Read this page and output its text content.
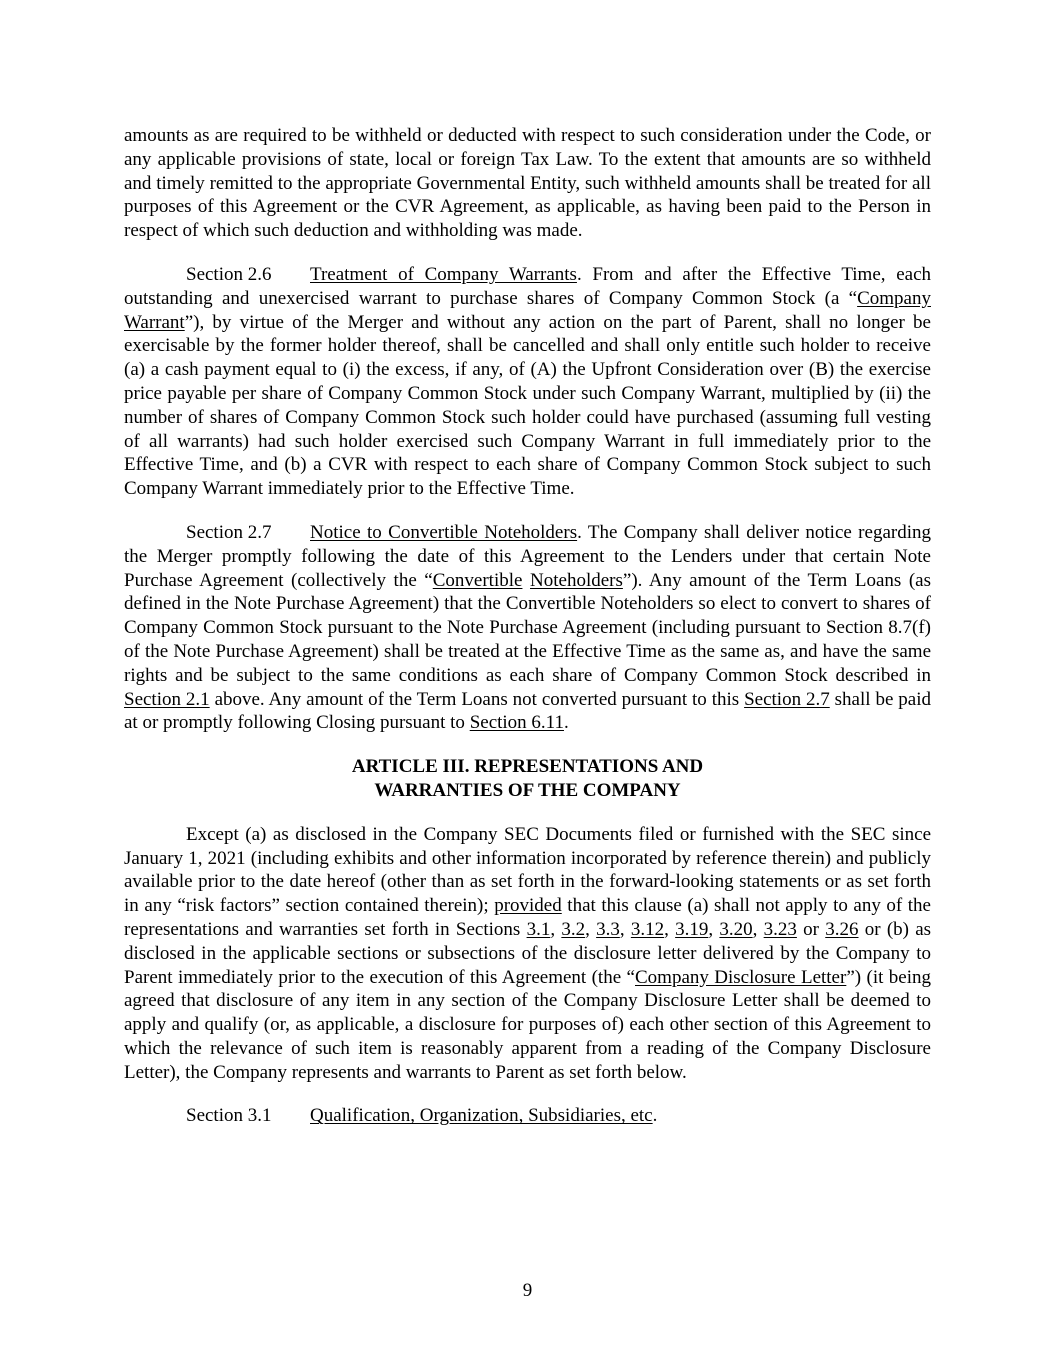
amounts as are required to be withheld or deducted with respect to such consideration under the Code, or any applicable provisions of state, local or foreign Tax Law. To the extent that amounts are so withheld and timely remitted to the appropriate Governmental Entity, such withheld amounts shall be treated for all purposes of this Agreement or the CVR Agreement, as applicable, as having been paid to the Person in respect of which such deduction and withholding was made.

Section 2.6 Treatment of Company Warrants. From and after the Effective Time, each outstanding and unexercised warrant to purchase shares of Company Common Stock (a “Company Warrant”), by virtue of the Merger and without any action on the part of Parent, shall no longer be exercisable by the former holder thereof, shall be cancelled and shall only entitle such holder to receive (a) a cash payment equal to (i) the excess, if any, of (A) the Upfront Consideration over (B) the exercise price payable per share of Company Common Stock under such Company Warrant, multiplied by (ii) the number of shares of Company Common Stock such holder could have purchased (assuming full vesting of all warrants) had such holder exercised such Company Warrant in full immediately prior to the Effective Time, and (b) a CVR with respect to each share of Company Common Stock subject to such Company Warrant immediately prior to the Effective Time.

Section 2.7 Notice to Convertible Noteholders. The Company shall deliver notice regarding the Merger promptly following the date of this Agreement to the Lenders under that certain Note Purchase Agreement (collectively the “Convertible Noteholders”). Any amount of the Term Loans (as defined in the Note Purchase Agreement) that the Convertible Noteholders so elect to convert to shares of Company Common Stock pursuant to the Note Purchase Agreement (including pursuant to Section 8.7(f) of the Note Purchase Agreement) shall be treated at the Effective Time as the same as, and have the same rights and be subject to the same conditions as each share of Company Common Stock described in Section 2.1 above. Any amount of the Term Loans not converted pursuant to this Section 2.7 shall be paid at or promptly following Closing pursuant to Section 6.11.

ARTICLE III. REPRESENTATIONS AND
WARRANTIES OF THE COMPANY

Except (a) as disclosed in the Company SEC Documents filed or furnished with the SEC since January 1, 2021 (including exhibits and other information incorporated by reference therein) and publicly available prior to the date hereof (other than as set forth in the forward-looking statements or as set forth in any “risk factors” section contained therein); provided that this clause (a) shall not apply to any of the representations and warranties set forth in Sections 3.1, 3.2, 3.3, 3.12, 3.19, 3.20, 3.23 or 3.26 or (b) as disclosed in the applicable sections or subsections of the disclosure letter delivered by the Company to Parent immediately prior to the execution of this Agreement (the “Company Disclosure Letter”) (it being agreed that disclosure of any item in any section of the Company Disclosure Letter shall be deemed to apply and qualify (or, as applicable, a disclosure for purposes of) each other section of this Agreement to which the relevance of such item is reasonably apparent from a reading of the Company Disclosure Letter), the Company represents and warrants to Parent as set forth below.

Section 3.1 Qualification, Organization, Subsidiaries, etc.

9
